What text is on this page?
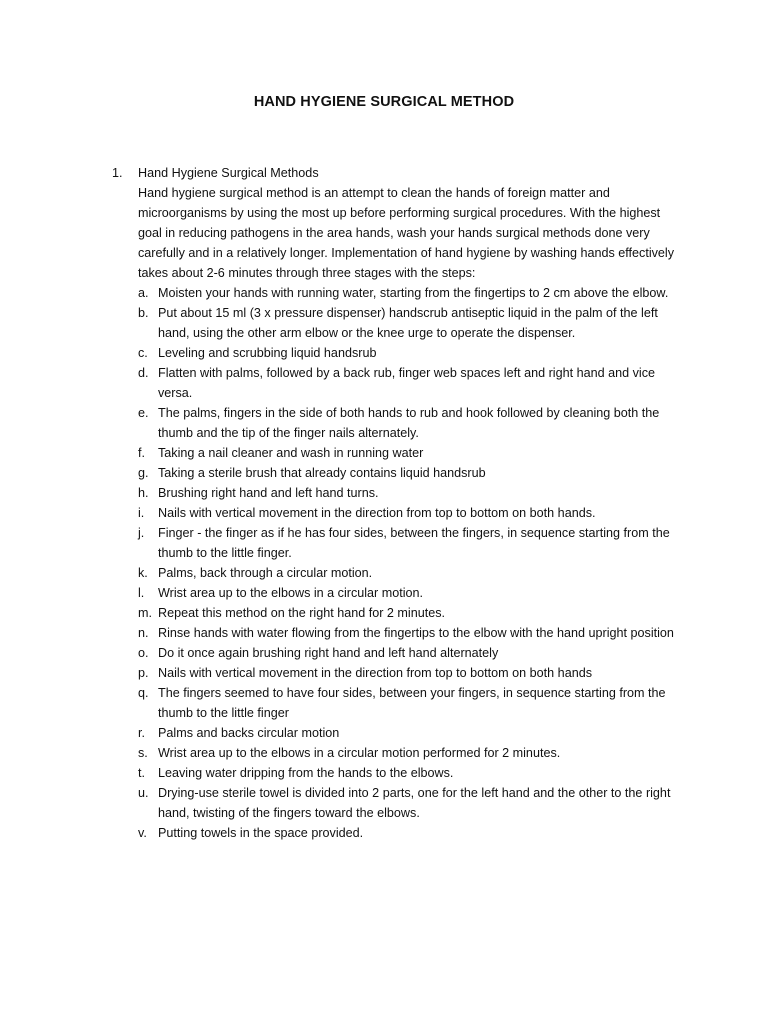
HAND HYGIENE SURGICAL METHOD
1.	Hand Hygiene Surgical Methods

Hand hygiene surgical method is an attempt to clean the hands of foreign matter and microorganisms by using the most up before performing surgical procedures. With the highest goal in reducing pathogens in the area hands, wash your hands surgical methods done very carefully and in a relatively longer. Implementation of hand hygiene by washing hands effectively takes about 2-6 minutes through three stages with the steps:

a. Moisten your hands with running water, starting from the fingertips to 2 cm above the elbow.
b. Put about 15 ml (3 x pressure dispenser) handscrub antiseptic liquid in the palm of the left hand, using the other arm elbow or the knee urge to operate the dispenser.
c. Leveling and scrubbing liquid handsrub
d. Flatten with palms, followed by a back rub, finger web spaces left and right hand and vice versa.
e. The palms, fingers in the side of both hands to rub and hook followed by cleaning both the thumb and the tip of the finger nails alternately.
f.	Taking a nail cleaner and wash in running water
g. Taking a sterile brush that already contains liquid handsrub
h. Brushing right hand and left hand turns.
i.	Nails with vertical movement in the direction from top to bottom on both hands.
j.	Finger - the finger as if he has four sides, between the fingers, in sequence starting from the thumb to the little finger.
k. Palms, back through a circular motion.
l.	Wrist area up to the elbows in a circular motion.
m. Repeat this method on the right hand for 2 minutes.
n. Rinse hands with water flowing from the fingertips to the elbow with the hand upright position
o. Do it once again brushing right hand and left hand alternately
p. Nails with vertical movement in the direction from top to bottom on both hands
q. The fingers seemed to have four sides, between your fingers, in sequence starting from the thumb to the little finger
r.	Palms and backs circular motion
s. Wrist area up to the elbows in a circular motion performed for 2 minutes.
t.	Leaving water dripping from the hands to the elbows.
u. Drying-use sterile towel is divided into 2 parts, one for the left hand and the other to the right hand, twisting of the fingers toward the elbows.
v. Putting towels in the space provided.
